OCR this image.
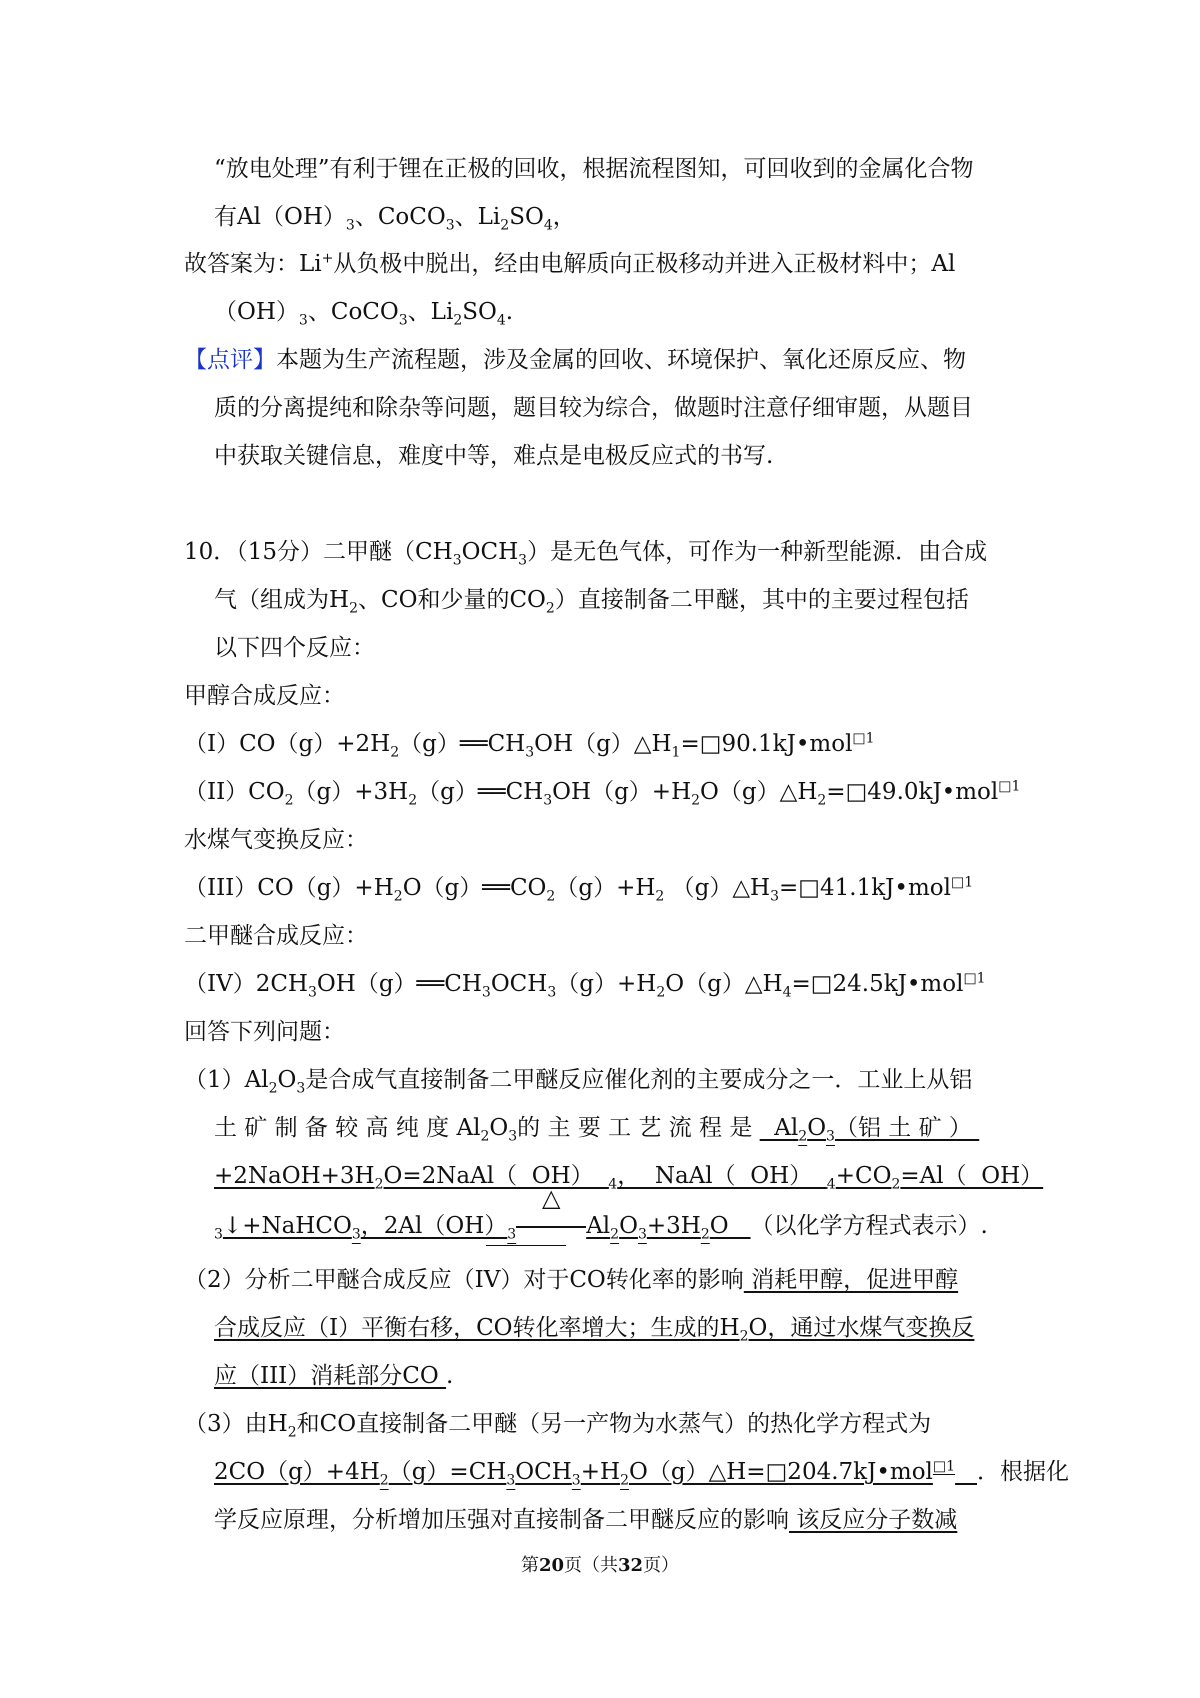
“放电处理”有利于锂在正极的回收，根据流程图知，可回收到的金属化合物
有$Al(OH)_3$、CoCO$_3$、$Li_2SO_4$，
故答案为：Li+从负极中脱出，经由电解质向正极移动并进入正极材料中；Al
$(OH)_3$、CoCO$_3$、$Li_2SO_4$.
【点评】本题为生产流程题，涉及金属的回收、环境保护、氧化还原反应、物
质的分离提纯和除杂等问题，题目较为综合，做题时注意仔细审题，从题目
中获取关键信息，难度中等，难点是电极反应式的书写.
10．（15分）二甲醚$(CH_3OCH_3)$是无色气体，可作为一种新型能源．由合成
气（组成为$H_2$、CO和少量的$CO_2$）直接制备二甲醚，其中的主要过程包括
以下四个反应：
甲醇合成反应：
$(I)CO(g)+2H_2(g)══CH_3OH(g)\triangle H_1=□90.1kJ•mol^{□1}$
$(II)CO_2(g)+3H_2(g)══CH_3OH(g)+H_2O(g)\triangle H_2=□49.0kJ•mol^{□1}$
水煤气变换反应：
$(III)CO(g)+H_2O(g)══CO_2(g)+H_2$ $(g)\triangle H_3=□41.1kJ•mol^{□1}$
二甲醚合成反应：
$(IV)2CH_3OH(g)══CH_3OCH_3(g)+H_2O(g)\triangle H_4=□24.5kJ•mol^{□1}$
回答下列问题：
$(1)Al_2O_3$是合成气直接制备二甲醚反应催化剂的主要成分之一．工业上从铝
土 矿 制 备 较 高 纯 度 $Al_2O_3$的 主 要 工 艺 流 程 是   $Al_2O_3$（铝 土 矿 ）
$+2NaOH+3H_2O=2NaAl$（  OH）  $_4$，  NaAl（  OH）  $_4+CO_2=Al$（  OH）
$_3$↓+NaHCO$_3$，$2Al(OH)_3$
△
$Al_2O_3+3H_2O$   （以化学方程式表示）.
（2）分析二甲醚合成反应（IV）对于CO转化率的影响 消耗甲醇，促进甲醇
合成反应（I）平衡右移，CO转化率增大；生成的$H_2O$，通过水煤气变换反
应（III）消耗部分CO .
（3）由$H_2$和CO直接制备二甲醚（另一产物为水蒸气）的热化学方程式为
$2CO(g)+4H_2(g)=CH_3OCH_3+H_2O(g)\triangle H=□204.7kJ•mol^{□1}$ ．根据化
学反应原理，分析增加压强对直接制备二甲醚反应的影响 该反应分子数减
第20页（共32页）
